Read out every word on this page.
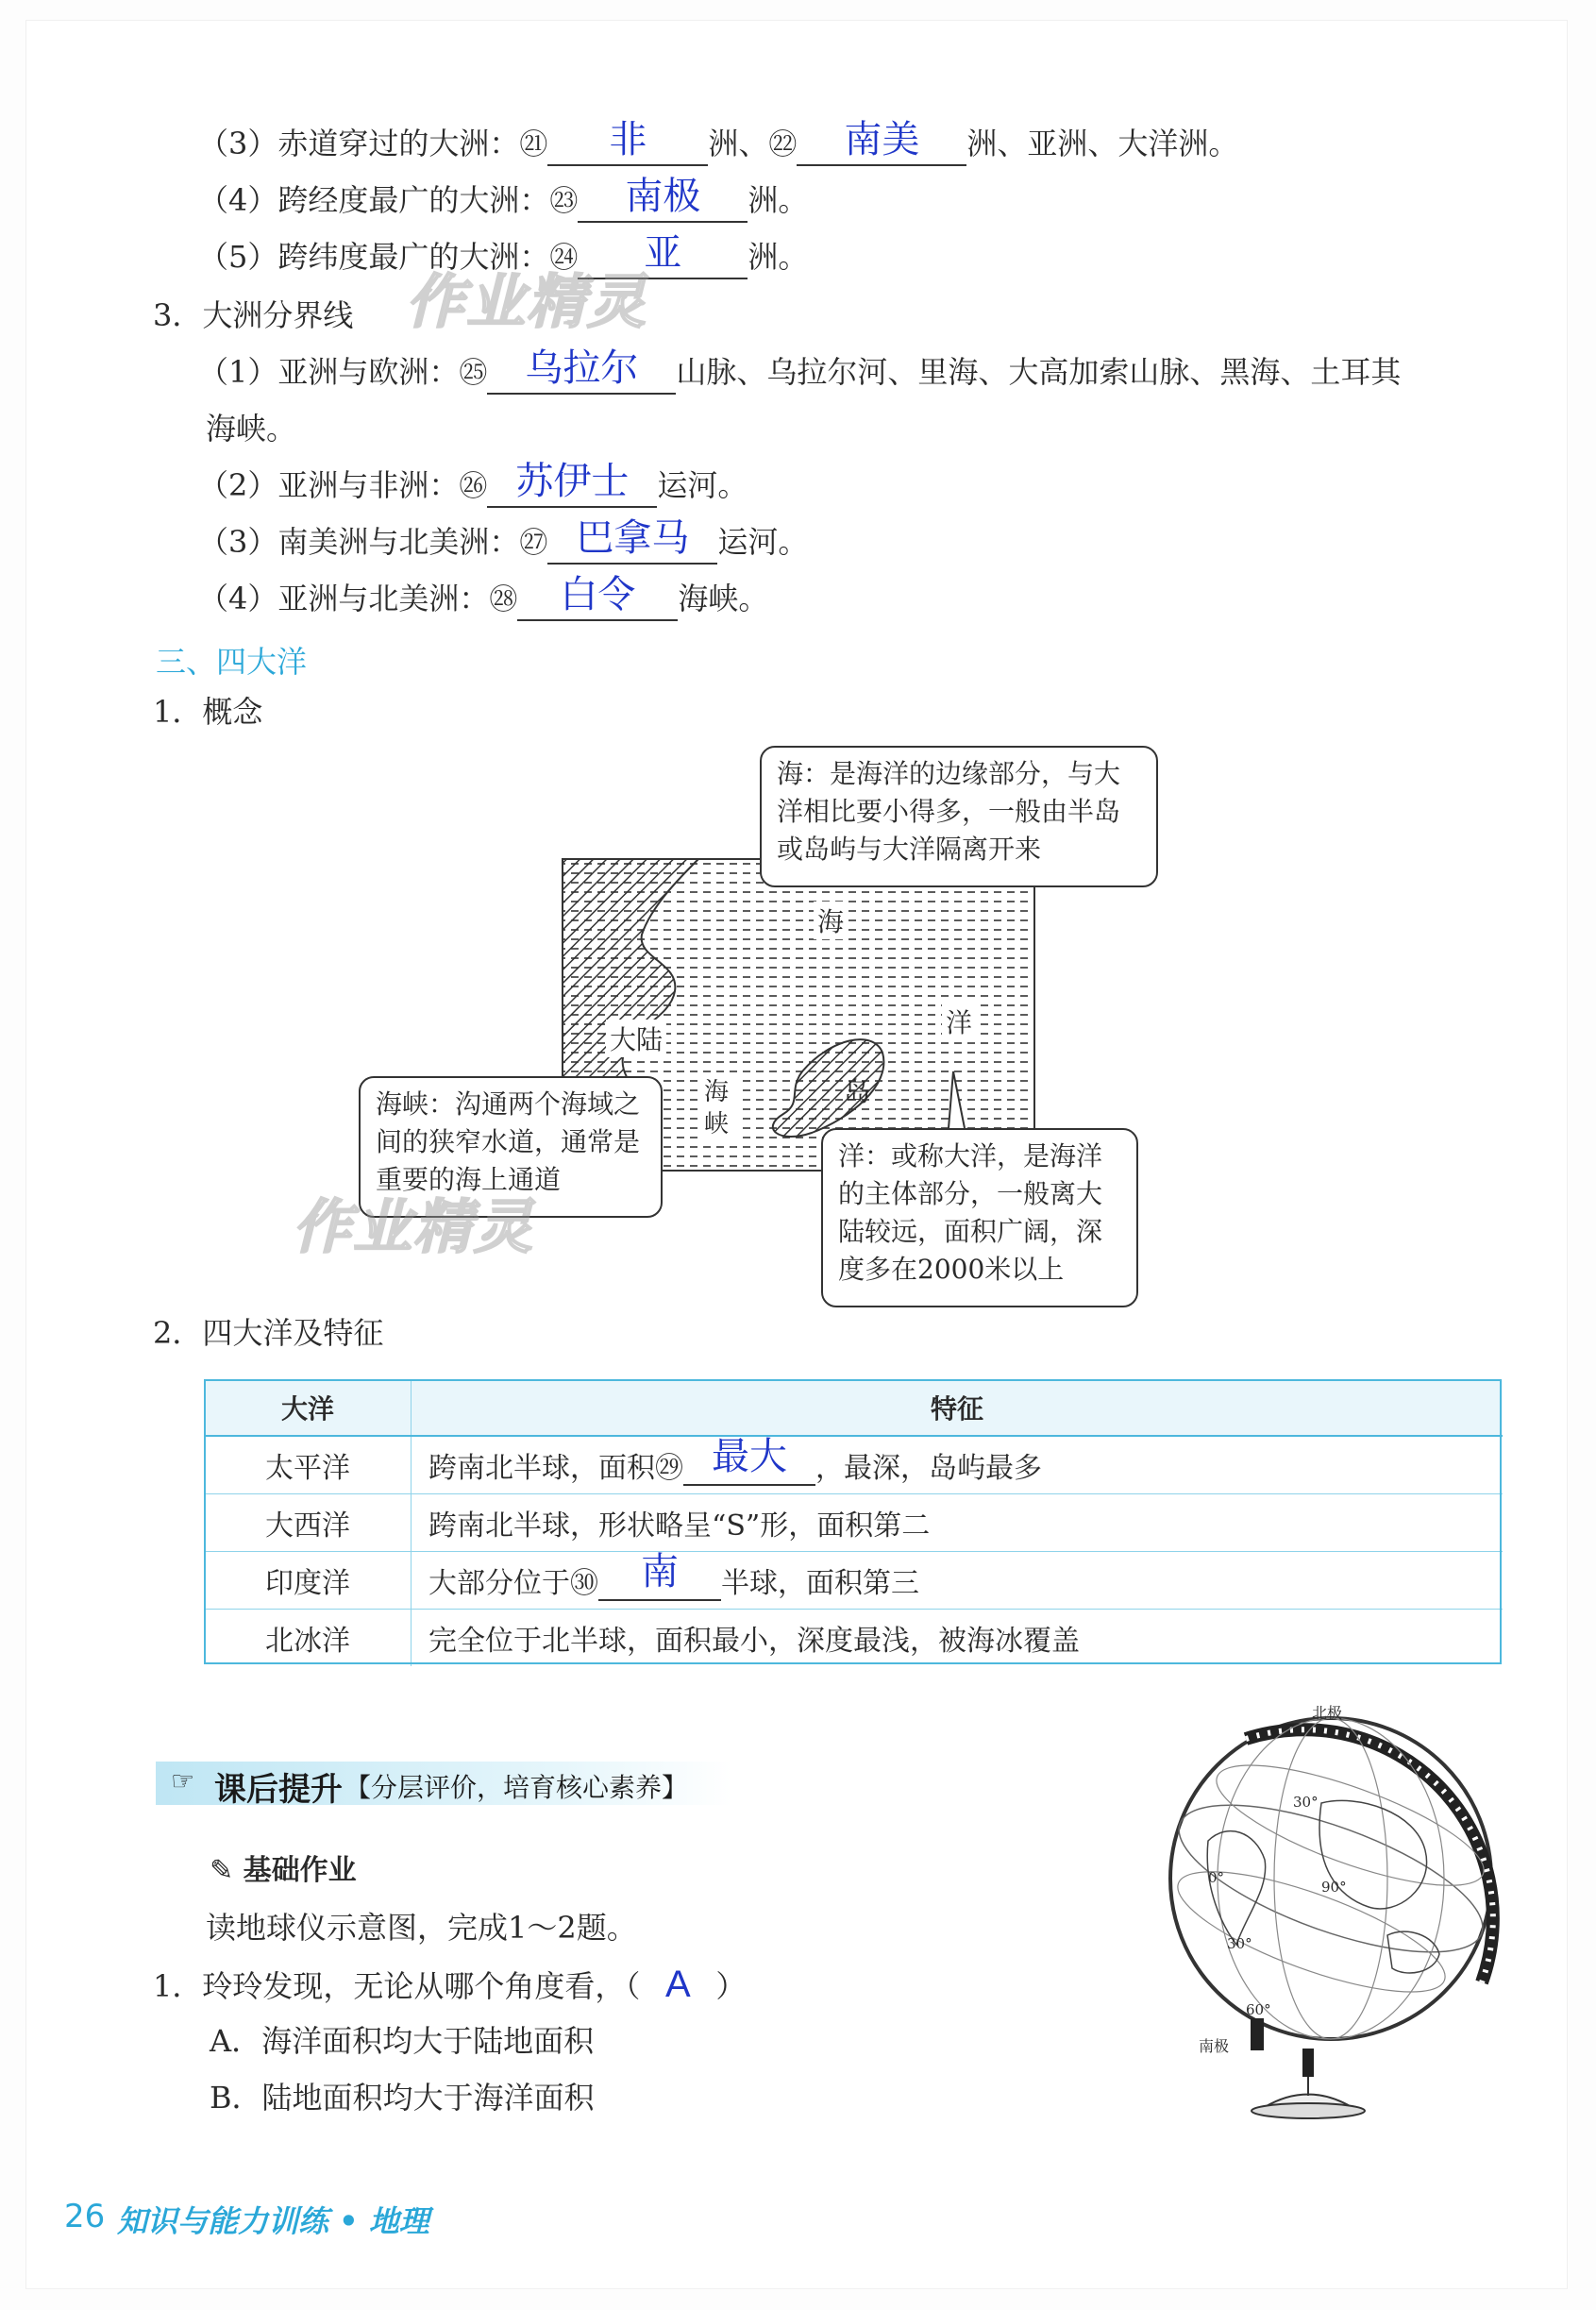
（3）赤道穿过的大洲：㉑	非	洲、㉒	南美	洲、亚洲、大洋洲。
（4）跨经度最广的大洲：㉓	南极	洲。
（5）跨纬度最广的大洲：㉔	亚	洲。
作业精灵
3．大洲分界线
（1）亚洲与欧洲：㉕	乌拉尔	山脉、乌拉尔河、里海、大高加索山脉、黑海、土耳其
海峡。
（2）亚洲与非洲：㉖ 苏伊士 运河。
（3）南美洲与北美洲：㉗ 巴拿马 运河。
（4）亚洲与北美洲：㉘	白令	海峡。
三、四大洋
1．概念
海
大陆
洋
岛
海峡
海：是海洋的边缘部分，与大洋相比要小得多，一般由半岛或岛屿与大洋隔离开来
海峡：沟通两个海域之间的狭窄水道，通常是重要的海上通道
洋：或称大洋，是海洋的主体部分，一般离大陆较远，面积广阔，深度多在2000米以上
作业精灵
2．四大洋及特征
大洋	特征
太平洋	跨南北半球，面积㉙ 最大 ，最深，岛屿最多
大西洋	跨南北半球，形状略呈“S”形，面积第二
印度洋	大部分位于㉚ 南 半球，面积第三
北冰洋	完全位于北半球，面积最小，深度最浅，被海冰覆盖
☞ 课后提升 【分层评价，培育核心素养】
✎ 基础作业
读地球仪示意图，完成1～2题。
1．玲玲发现，无论从哪个角度看，（ A ）
A．海洋面积均大于陆地面积
B．陆地面积均大于海洋面积
北极
南极
30°
0°
30°
60°
90°
26 知识与能力训练 • 地理
